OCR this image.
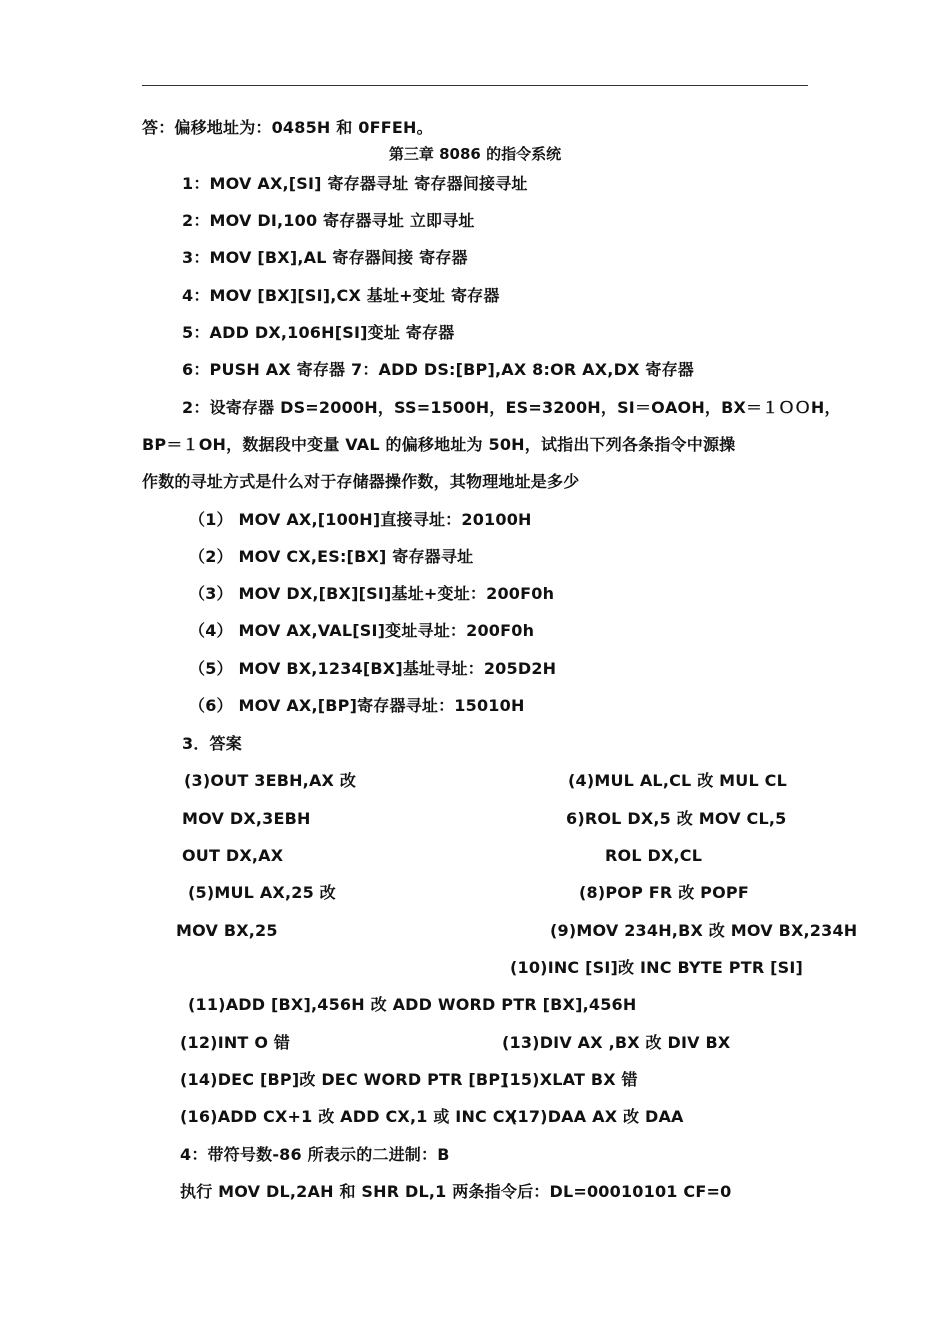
答：偏移地址为：0485H 和 0FFEH。
第三章 8086 的指令系统
1：MOV AX,[SI] 寄存器寻址 寄存器间接寻址
2：MOV DI,100 寄存器寻址 立即寻址
3：MOV [BX],AL 寄存器间接 寄存器
4：MOV [BX][SI],CX 基址+变址 寄存器
5：ADD DX,106H[SI]变址 寄存器
6：PUSH AX 寄存器 7：ADD DS:[BP],AX 8:OR AX,DX 寄存器
2：设寄存器 DS=2000H，SS=1500H，ES=3200H，SI＝ОАОH，BX＝１ＯＯH，
BP＝１ОH，数据段中变量 VAL 的偏移地址为 50H，试指出下列各条指令中源操
作数的寻址方式是什么对于存储器操作数，其物理地址是多少
（1） MOV AX,[100H]直接寻址：20100H
（2） MOV CX,ES:[BX] 寄存器寻址
（3） MOV DX,[BX][SI]基址+变址：200F0h
（4） MOV AX,VAL[SI]变址寻址：200F0h
（5） MOV BX,1234[BX]基址寻址：205D2H
（6） MOV AX,[BP]寄存器寻址：15010H
3．答案
(3)OUT 3EBH,AX 改	(4)MUL AL,CL 改 MUL CL
MOV DX,3EBH	6)ROL DX,5 改 MOV CL,5
OUT DX,AX	ROL DX,CL
(5)MUL AX,25 改	(8)POP FR 改 POPF
MOV BX,25	(9)MOV 234H,BX 改 MOV BX,234H
(10)INC [SI]改 INC BYTE PTR [SI]
(11)ADD [BX],456H 改 ADD WORD PTR [BX],456H
(12)INT O 错	(13)DIV AX ,BX 改 DIV BX
(14)DEC [BP]改 DEC WORD PTR [BP]
(15)XLAT BX 错
(16)ADD CX+1 改 ADD CX,1 或 INC CX
(17)DAA AX 改 DAA
4：带符号数-86 所表示的二进制：B
执行 MOV DL,2AH 和 SHR DL,1 两条指令后：DL=00010101 CF=0
